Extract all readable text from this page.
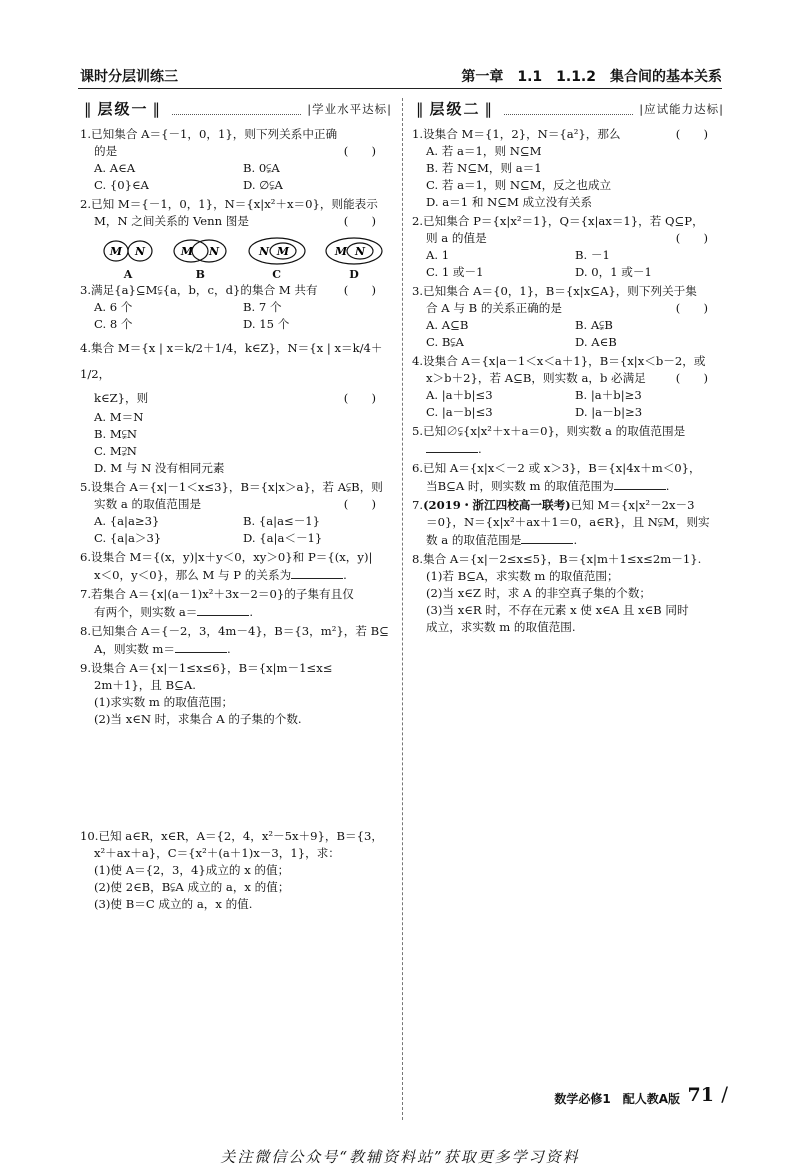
课时分层训练三	第一章　1.1　1.1.2　集合间的基本关系
‖ 层级一 ‖	|学业水平达标|
1.已知集合 A＝{－1，0，1}，则下列关系中正确
的是	(　　)
A. A∈A	B. 0⫋A
C. {0}∈A	D. ∅⫋A
2.已知 M＝{－1，0，1}，N＝{x|x²＋x＝0}，则能表示
M，N 之间关系的 Venn 图是	(　　)
M N
A
M N
B
N M
C
M N
D
3.满足{a}⊆M⫋{a，b，c，d}的集合 M 共有 (　　)
A. 6 个	B. 7 个
C. 8 个	D. 15 个
4.集合 M＝{x | x＝k/2＋1/4，k∈Z}，N＝{x | x＝k/4＋1/2，
k∈Z}，则	(　　)
A. M＝N
B. M⫋N
C. M⫌N
D. M 与 N 没有相同元素
5.设集合 A＝{x|－1＜x≤3}，B＝{x|x＞a}，若 A⫋B，则
实数 a 的取值范围是	(　　)
A. {a|a≥3}	B. {a|a≤－1}
C. {a|a＞3}	D. {a|a＜－1}
6.设集合 M＝{(x，y)|x＋y＜0，xy＞0}和 P＝{(x，y)|
x＜0，y＜0}，那么 M 与 P 的关系为	.
7.若集合 A＝{x|(a－1)x²＋3x－2＝0}的子集有且仅
有两个，则实数 a＝	.
8.已知集合 A＝{－2，3，4m－4}，B＝{3，m²}，若 B⊆
A，则实数 m＝	.
9.设集合 A＝{x|－1≤x≤6}，B＝{x|m－1≤x≤
2m＋1}，且 B⊆A.
(1)求实数 m 的取值范围；
(2)当 x∈N 时，求集合 A 的子集的个数.
10.已知 a∈R，x∈R，A＝{2，4，x²－5x＋9}，B＝{3，
x²＋ax＋a}，C＝{x²＋(a＋1)x－3，1}，求：
(1)使 A＝{2，3，4}成立的 x 的值；
(2)使 2∈B，B⫋A 成立的 a，x 的值；
(3)使 B＝C 成立的 a，x 的值.
‖ 层级二 ‖	|应试能力达标|
1.设集合 M＝{1，2}，N＝{a²}，那么	(　　)
A. 若 a＝1，则 N⊆M
B. 若 N⊆M，则 a＝1
C. 若 a＝1，则 N⊆M，反之也成立
D. a＝1 和 N⊆M 成立没有关系
2.已知集合 P＝{x|x²＝1}，Q＝{x|ax＝1}，若 Q⊆P，
则 a 的值是	(　　)
A. 1	B. －1
C. 1 或－1	D. 0，1 或－1
3.已知集合 A＝{0，1}，B＝{x|x⊆A}，则下列关于集
合 A 与 B 的关系正确的是	(　　)
A. A⊆B	B. A⫋B
C. B⫋A	D. A∈B
4.设集合 A＝{x|a－1＜x＜a＋1}，B＝{x|x＜b－2，或
x＞b＋2}，若 A⊆B，则实数 a，b 必满足	(　　)
A. |a＋b|≤3	B. |a＋b|≥3
C. |a－b|≤3	D. |a－b|≥3
5.已知∅⫋{x|x²＋x＋a＝0}，则实数 a 的取值范围是
.
6.已知 A＝{x|x＜－2 或 x＞3}，B＝{x|4x＋m＜0}，
当B⊆A 时，则实数 m 的取值范围为	.
7.(2019・浙江四校高一联考)已知 M＝{x|x²－2x－3
＝0}，N＝{x|x²＋ax＋1＝0，a∈R}，且 N⫋M，则实
数 a 的取值范围是	.
8.集合 A＝{x|－2≤x≤5}，B＝{x|m＋1≤x≤2m－1}.
(1)若 B⊆A，求实数 m 的取值范围；
(2)当 x∈Z 时，求 A 的非空真子集的个数；
(3)当 x∈R 时，不存在元素 x 使 x∈A 且 x∈B 同时
成立，求实数 m 的取值范围.
数学必修1　配人教A版 71 /
关注微信公众号“教辅资料站”获取更多学习资料
